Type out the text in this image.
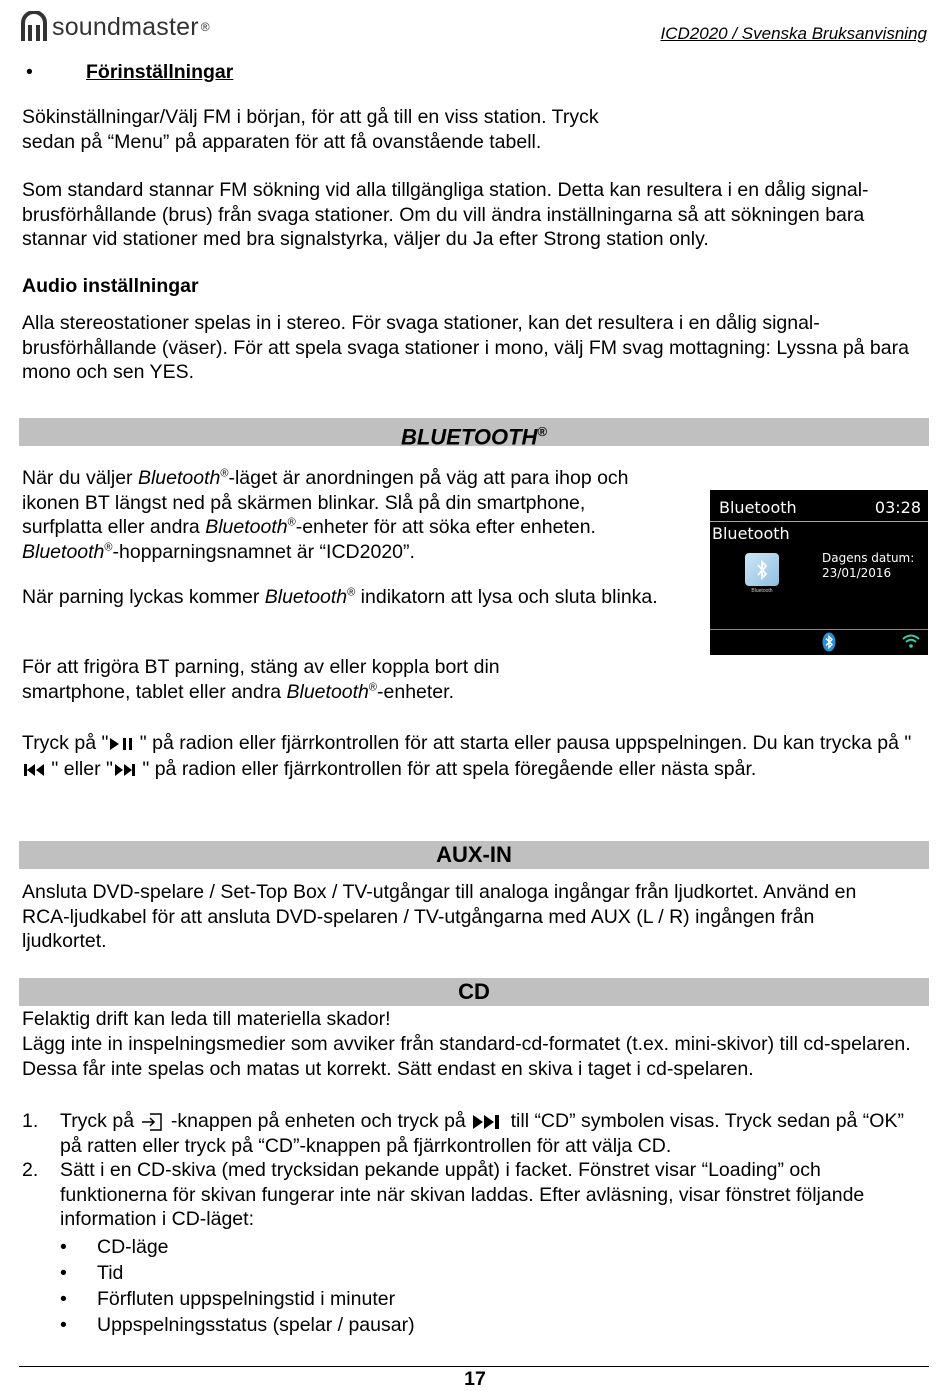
soundmaster ®	ICD2020 / Svenska Bruksanvisning
•	Förinställningar

Sökinställningar/Välj FM i början, för att gå till en viss station. Tryck sedan på “Menu” på apparaten för att få ovanstående tabell.

Som standard stannar FM sökning vid alla tillgängliga station. Detta kan resultera i en dålig signal-brusförhållande (brus) från svaga stationer. Om du vill ändra inställningarna så att sökningen bara stannar vid stationer med bra signalstyrka, väljer du Ja efter Strong station only.

Audio inställningar

Alla stereostationer spelas in i stereo. För svaga stationer, kan det resultera i en dålig signal-brusförhållande (väser). För att spela svaga stationer i mono, välj FM svag mottagning: Lyssna på bara mono och sen YES.

BLUETOOTH®

När du väljer Bluetooth®-läget är anordningen på väg att para ihop och ikonen BT längst ned på skärmen blinkar. Slå på din smartphone, surfplatta eller andra Bluetooth®-enheter för att söka efter enheten. Bluetooth®-hopparningsnamnet är “ICD2020”.

När parning lyckas kommer Bluetooth® indikatorn att lysa och sluta blinka.

För att frigöra BT parning, stäng av eller koppla bort din smartphone, tablet eller andra Bluetooth®-enheter.

Bluetooth	03:28
Bluetooth
Bluetooth
Dagens datum:
23/01/2016

Tryck på " " på radion eller fjärrkontrollen för att starta eller pausa uppspelningen. Du kan trycka på "  " eller " " på radion eller fjärrkontrollen för att spela föregående eller nästa spår.

AUX-IN

Ansluta DVD-spelare / Set-Top Box / TV-utgångar till analoga ingångar från ljudkortet. Använd en RCA-ljudkabel för att ansluta DVD-spelaren / TV-utgångarna med AUX (L / R) ingången från ljudkortet.

CD

Felaktig drift kan leda till materiella skador!

Lägg inte in inspelningsmedier som avviker från standard-cd-formatet (t.ex. mini-skivor) till cd-spelaren. Dessa får inte spelas och matas ut korrekt. Sätt endast en skiva i taget i cd-spelaren.

1. Tryck på  -knappen på enheten och tryck på  till “CD” symbolen visas. Tryck sedan på “OK” på ratten eller tryck på “CD”-knappen på fjärrkontrollen för att välja CD.
2. Sätt i en CD-skiva (med trycksidan pekande uppåt) i facket. Fönstret visar “Loading” och funktionerna för skivan fungerar inte när skivan laddas. Efter avläsning, visar fönstret följande information i CD-läget:
• CD-läge
• Tid
• Förfluten uppspelningstid i minuter
• Uppspelningsstatus (spelar / pausar)
17
